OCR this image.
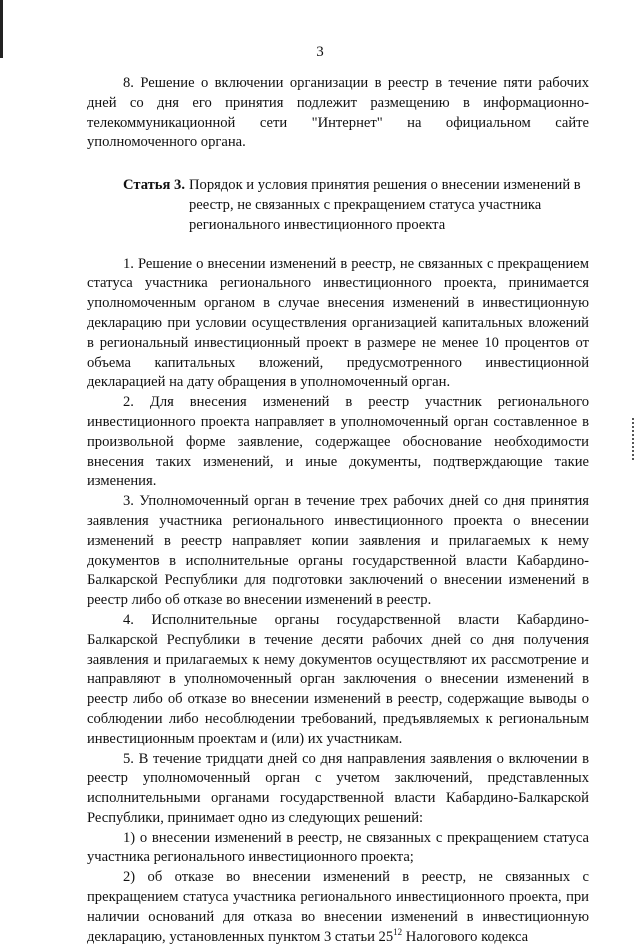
3

8. Решение о включении организации в реестр в течение пяти рабочих дней со дня его принятия подлежит размещению в информационно-телекоммуникационной сети "Интернет" на официальном сайте уполномоченного органа.

Статья 3. Порядок и условия принятия решения о внесении изменений в реестр, не связанных с прекращением статуса участника регионального инвестиционного проекта

1. Решение о внесении изменений в реестр, не связанных с прекращением статуса участника регионального инвестиционного проекта, принимается уполномоченным органом в случае внесения изменений в инвестиционную декларацию при условии осуществления организацией капитальных вложений в региональный инвестиционный проект в размере не менее 10 процентов от объема капитальных вложений, предусмотренного инвестиционной декларацией на дату обращения в уполномоченный орган.

2. Для внесения изменений в реестр участник регионального инвестиционного проекта направляет в уполномоченный орган составленное в произвольной форме заявление, содержащее обоснование необходимости внесения таких изменений, и иные документы, подтверждающие такие изменения.

3. Уполномоченный орган в течение трех рабочих дней со дня принятия заявления участника регионального инвестиционного проекта о внесении изменений в реестр направляет копии заявления и прилагаемых к нему документов в исполнительные органы государственной власти Кабардино-Балкарской Республики для подготовки заключений о внесении изменений в реестр либо об отказе во внесении изменений в реестр.

4. Исполнительные органы государственной власти Кабардино-Балкарской Республики в течение десяти рабочих дней со дня получения заявления и прилагаемых к нему документов осуществляют их рассмотрение и направляют в уполномоченный орган заключения о внесении изменений в реестр либо об отказе во внесении изменений в реестр, содержащие выводы о соблюдении либо несоблюдении требований, предъявляемых к региональным инвестиционным проектам и (или) их участникам.

5. В течение тридцати дней со дня направления заявления о включении в реестр уполномоченный орган с учетом заключений, представленных исполнительными органами государственной власти Кабардино-Балкарской Республики, принимает одно из следующих решений:

1) о внесении изменений в реестр, не связанных с прекращением статуса участника регионального инвестиционного проекта;

2) об отказе во внесении изменений в реестр, не связанных с прекращением статуса участника регионального инвестиционного проекта, при наличии оснований для отказа во внесении изменений в инвестиционную декларацию, установленных пунктом 3 статьи $25^{12}$ Налогового кодекса
